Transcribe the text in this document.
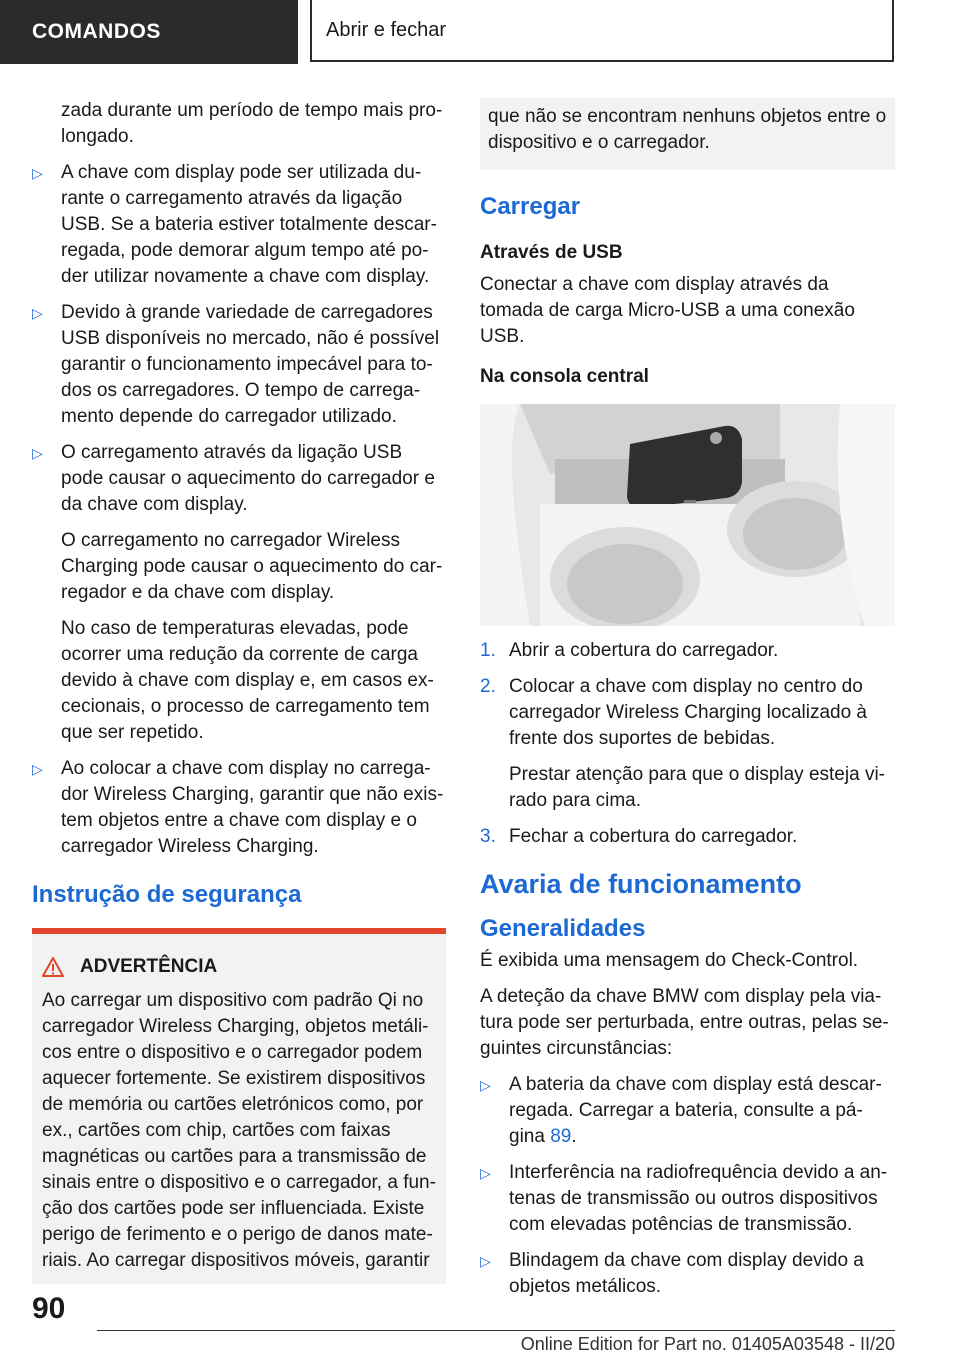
COMANDOS	Abrir e fechar

zada durante um período de tempo mais pro-longado.

▷ A chave com display pode ser utilizada du-rante o carregamento através da ligação USB. Se a bateria estiver totalmente descar-regada, pode demorar algum tempo até po-der utilizar novamente a chave com display.
▷ Devido à grande variedade de carregadores USB disponíveis no mercado, não é possível garantir o funcionamento impecável para to-dos os carregadores. O tempo de carrega-mento depende do carregador utilizado.
▷ O carregamento através da ligação USB pode causar o aquecimento do carregador e da chave com display.

O carregamento no carregador Wireless Charging pode causar o aquecimento do car-regador e da chave com display.

No caso de temperaturas elevadas, pode ocorrer uma redução da corrente de carga devido à chave com display e, em casos ex-cecionais, o processo de carregamento tem que ser repetido.

▷ Ao colocar a chave com display no carrega-dor Wireless Charging, garantir que não exis-tem objetos entre a chave com display e o carregador Wireless Charging.
Instrução de segurança
ADVERTÊNCIA

Ao carregar um dispositivo com padrão Qi no carregador Wireless Charging, objetos metáli-cos entre o dispositivo e o carregador podem aquecer fortemente. Se existirem dispositivos de memória ou cartões eletrónicos como, por ex., cartões com chip, cartões com faixas magnéticas ou cartões para a transmissão de sinais entre o dispositivo e o carregador, a fun-ção dos cartões pode ser influenciada. Existe perigo de ferimento e o perigo de danos mate-riais. Ao carregar dispositivos móveis, garantir

que não se encontram nenhuns objetos entre o dispositivo e o carregador.

Carregar
Através de USB

Conectar a chave com display através da tomada de carga Micro-USB a uma conexão USB.

Na consola central
1. Abrir a cobertura do carregador.
2. Colocar a chave com display no centro do carregador Wireless Charging localizado à frente dos suportes de bebidas.

Prestar atenção para que o display esteja vi-rado para cima.

3. Fechar a cobertura do carregador.
Avaria de funcionamento
Generalidades

É exibida uma mensagem do Check-Control.

A deteção da chave BMW com display pela via-tura pode ser perturbada, entre outras, pelas se-guintes circunstâncias:

▷ A bateria da chave com display está descar-regada. Carregar a bateria, consulte a pá-gina 89.
▷ Interferência na radiofrequência devido a an-tenas de transmissão ou outros dispositivos com elevadas potências de transmissão.
▷ Blindagem da chave com display devido a objetos metálicos.
90
Online Edition for Part no. 01405A03548 - II/20
